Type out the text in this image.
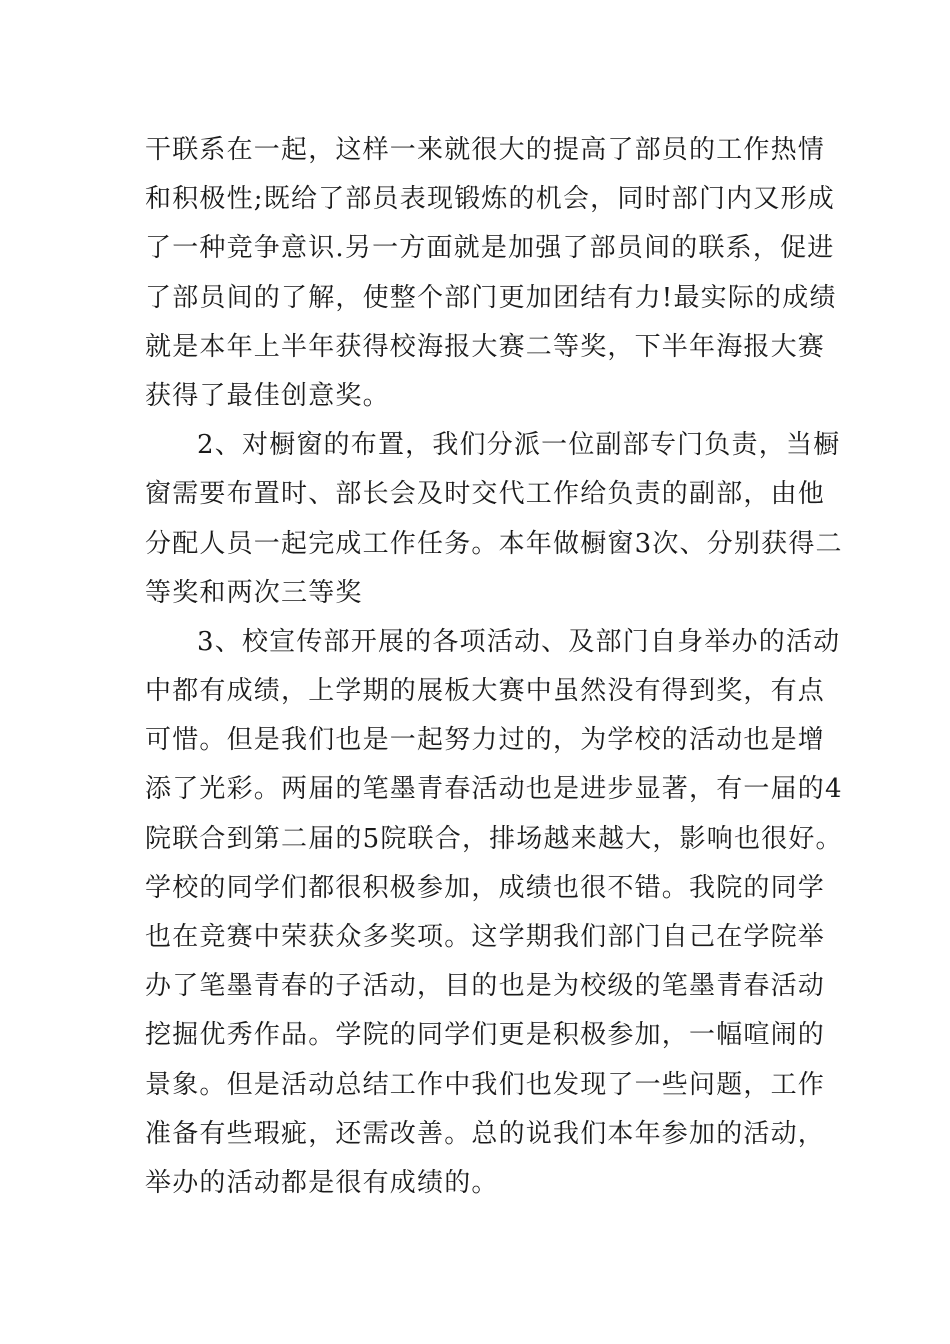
干联系在一起，这样一来就很大的提高了部员的工作热情
和积极性;既给了部员表现锻炼的机会，同时部门内又形成
了一种竞争意识.另一方面就是加强了部员间的联系，促进
了部员间的了解，使整个部门更加团结有力!最实际的成绩
就是本年上半年获得校海报大赛二等奖，下半年海报大赛
获得了最佳创意奖。
2、对橱窗的布置，我们分派一位副部专门负责，当橱
窗需要布置时、部长会及时交代工作给负责的副部，由他
分配人员一起完成工作任务。本年做橱窗3次、分别获得二
等奖和两次三等奖
3、校宣传部开展的各项活动、及部门自身举办的活动
中都有成绩，上学期的展板大赛中虽然没有得到奖，有点
可惜。但是我们也是一起努力过的，为学校的活动也是增
添了光彩。两届的笔墨青春活动也是进步显著，有一届的4
院联合到第二届的5院联合，排场越来越大，影响也很好。
学校的同学们都很积极参加，成绩也很不错。我院的同学
也在竞赛中荣获众多奖项。这学期我们部门自己在学院举
办了笔墨青春的子活动，目的也是为校级的笔墨青春活动
挖掘优秀作品。学院的同学们更是积极参加，一幅喧闹的
景象。但是活动总结工作中我们也发现了一些问题，工作
准备有些瑕疵，还需改善。总的说我们本年参加的活动，
举办的活动都是很有成绩的。
